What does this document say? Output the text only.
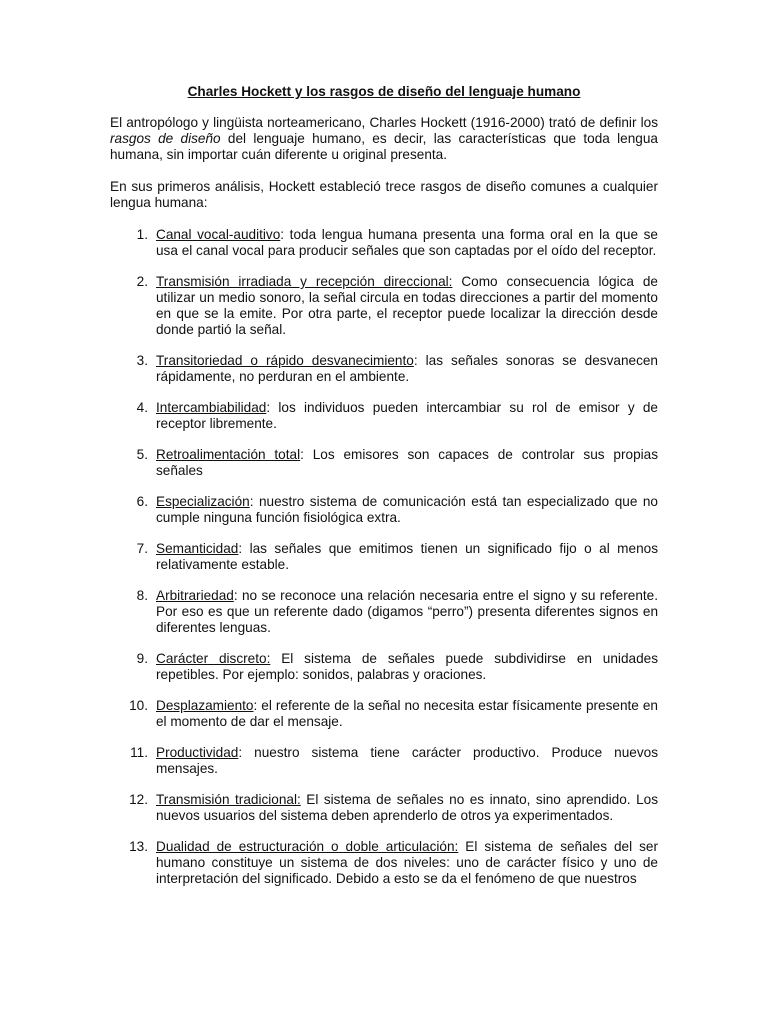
Charles Hockett y los rasgos de diseño del lenguaje humano

El antropólogo y lingüista norteamericano, Charles Hockett (1916-2000) trató de definir los rasgos de diseño del lenguaje humano, es decir, las características que toda lengua humana, sin importar cuán diferente u original presenta.

En sus primeros análisis, Hockett estableció trece rasgos de diseño comunes a cualquier lengua humana:

1. Canal vocal-auditivo: toda lengua humana presenta una forma oral en la que se usa el canal vocal para producir señales que son captadas por el oído del receptor.
2. Transmisión irradiada y recepción direccional: Como consecuencia lógica de utilizar un medio sonoro, la señal circula en todas direcciones a partir del momento en que se la emite. Por otra parte, el receptor puede localizar la dirección desde donde partió la señal.
3. Transitoriedad o rápido desvanecimiento: las señales sonoras se desvanecen rápidamente, no perduran en el ambiente.
4. Intercambiabilidad: los individuos pueden intercambiar su rol de emisor y de receptor libremente.
5. Retroalimentación total: Los emisores son capaces de controlar sus propias señales
6. Especialización: nuestro sistema de comunicación está tan especializado que no cumple ninguna función fisiológica extra.
7. Semanticidad: las señales que emitimos tienen un significado fijo o al menos relativamente estable.
8. Arbitrariedad: no se reconoce una relación necesaria entre el signo y su referente. Por eso es que un referente dado (digamos “perro”) presenta diferentes signos en diferentes lenguas.
9. Carácter discreto: El sistema de señales puede subdividirse en unidades repetibles. Por ejemplo: sonidos, palabras y oraciones.
10. Desplazamiento: el referente de la señal no necesita estar físicamente presente en el momento de dar el mensaje.
11. Productividad: nuestro sistema tiene carácter productivo. Produce nuevos mensajes.
12. Transmisión tradicional: El sistema de señales no es innato, sino aprendido. Los nuevos usuarios del sistema deben aprenderlo de otros ya experimentados.
13. Dualidad de estructuración o doble articulación: El sistema de señales del ser humano constituye un sistema de dos niveles: uno de carácter físico y uno de interpretación del significado. Debido a esto se da el fenómeno de que nuestros
